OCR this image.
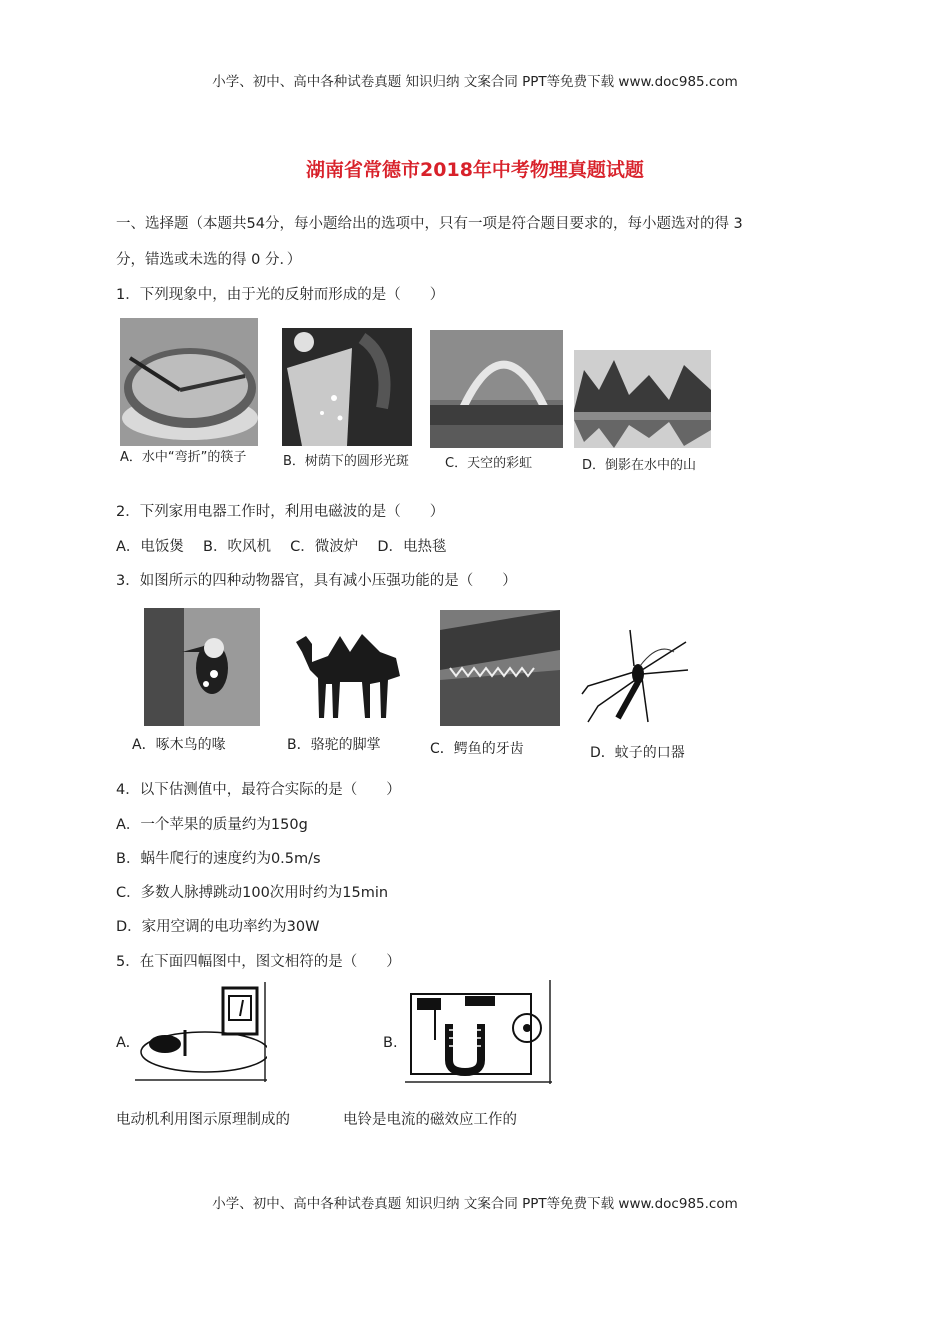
小学、初中、高中各种试卷真题 知识归纳 文案合同 PPT等免费下载 www.doc985.com
湖南省常德市2018年中考物理真题试题
一、选择题（本题共54分，每小题给出的选项中，只有一项是符合题目要求的，每小题选对的得 3
分，错选或未选的得 0 分．）
1．下列现象中，由于光的反射而形成的是（　　）
A．水中“弯折”的筷子	B．树荫下的圆形光斑	C．天空的彩虹	D．倒影在水中的山
2．下列家用电器工作时，利用电磁波的是（　　）
A．电饭煲　 B．吹风机　 C．微波炉　 D．电热毯
3．如图所示的四种动物器官，具有减小压强功能的是（　　）
A．啄木鸟的喙	B．骆驼的脚掌	C．鳄鱼的牙齿	D．蚊子的口器
4．以下估测值中，最符合实际的是（　　）
A．一个苹果的质量约为150g
B．蜗牛爬行的速度约为0.5m/s
C．多数人脉搏跳动100次用时约为15min
D．家用空调的电功率约为30W
5．在下面四幅图中，图文相符的是（　　）
A.	B.
电动机利用图示原理制成的	电铃是电流的磁效应工作的
小学、初中、高中各种试卷真题 知识归纳 文案合同 PPT等免费下载 www.doc985.com
